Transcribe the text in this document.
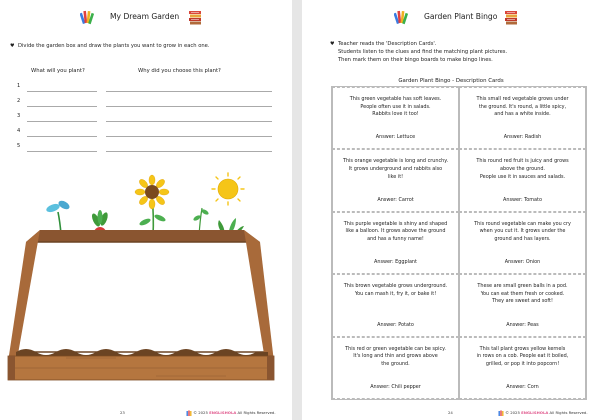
My Dream Garden
♥ Divide the garden box and draw the plants you want to grow in each one.
What will you plant?	Why did you choose this plant?
1
2
3
4
5
23	© 2025 ENGLISHOLA All Rights Reserved.
Garden Plant Bingo
♥ Teacher reads the 'Description Cards'.
Students listen to the clues and find the matching plant pictures.
Then mark them on their bingo boards to make bingo lines.
Garden Plant Bingo - Description Cards
This green vegetable has soft leaves.
People often use it in salads.
Rabbits love it too!
Answer: Lettuce
This small red vegetable grows under
the ground. It's round, a little spicy,
and has a white inside.
Answer: Radish
This orange vegetable is long and crunchy.
It grows underground and rabbits also
like it!
Answer: Carrot
This round red fruit is juicy and grows
above the ground.
People use it in sauces and salads.
Answer: Tomato
This purple vegetable is shiny and shaped
like a balloon. It grows above the ground
and has a funny name!
Answer: Eggplant
This round vegetable can make you cry
when you cut it. It grows under the
ground and has layers.
Answer: Onion
This brown vegetable grows underground.
You can mash it, fry it, or bake it!
Answer: Potato
These are small green balls in a pod.
You can eat them fresh or cooked.
They are sweet and soft!
Answer: Peas
This red or green vegetable can be spicy.
It's long and thin and grows above
the ground.
Answer: Chili pepper
This tall plant grows yellow kernels
in rows on a cob. People eat it boiled,
grilled, or pop it into popcorn!
Answer: Corn
24	© 2025 ENGLISHOLA All Rights Reserved.
